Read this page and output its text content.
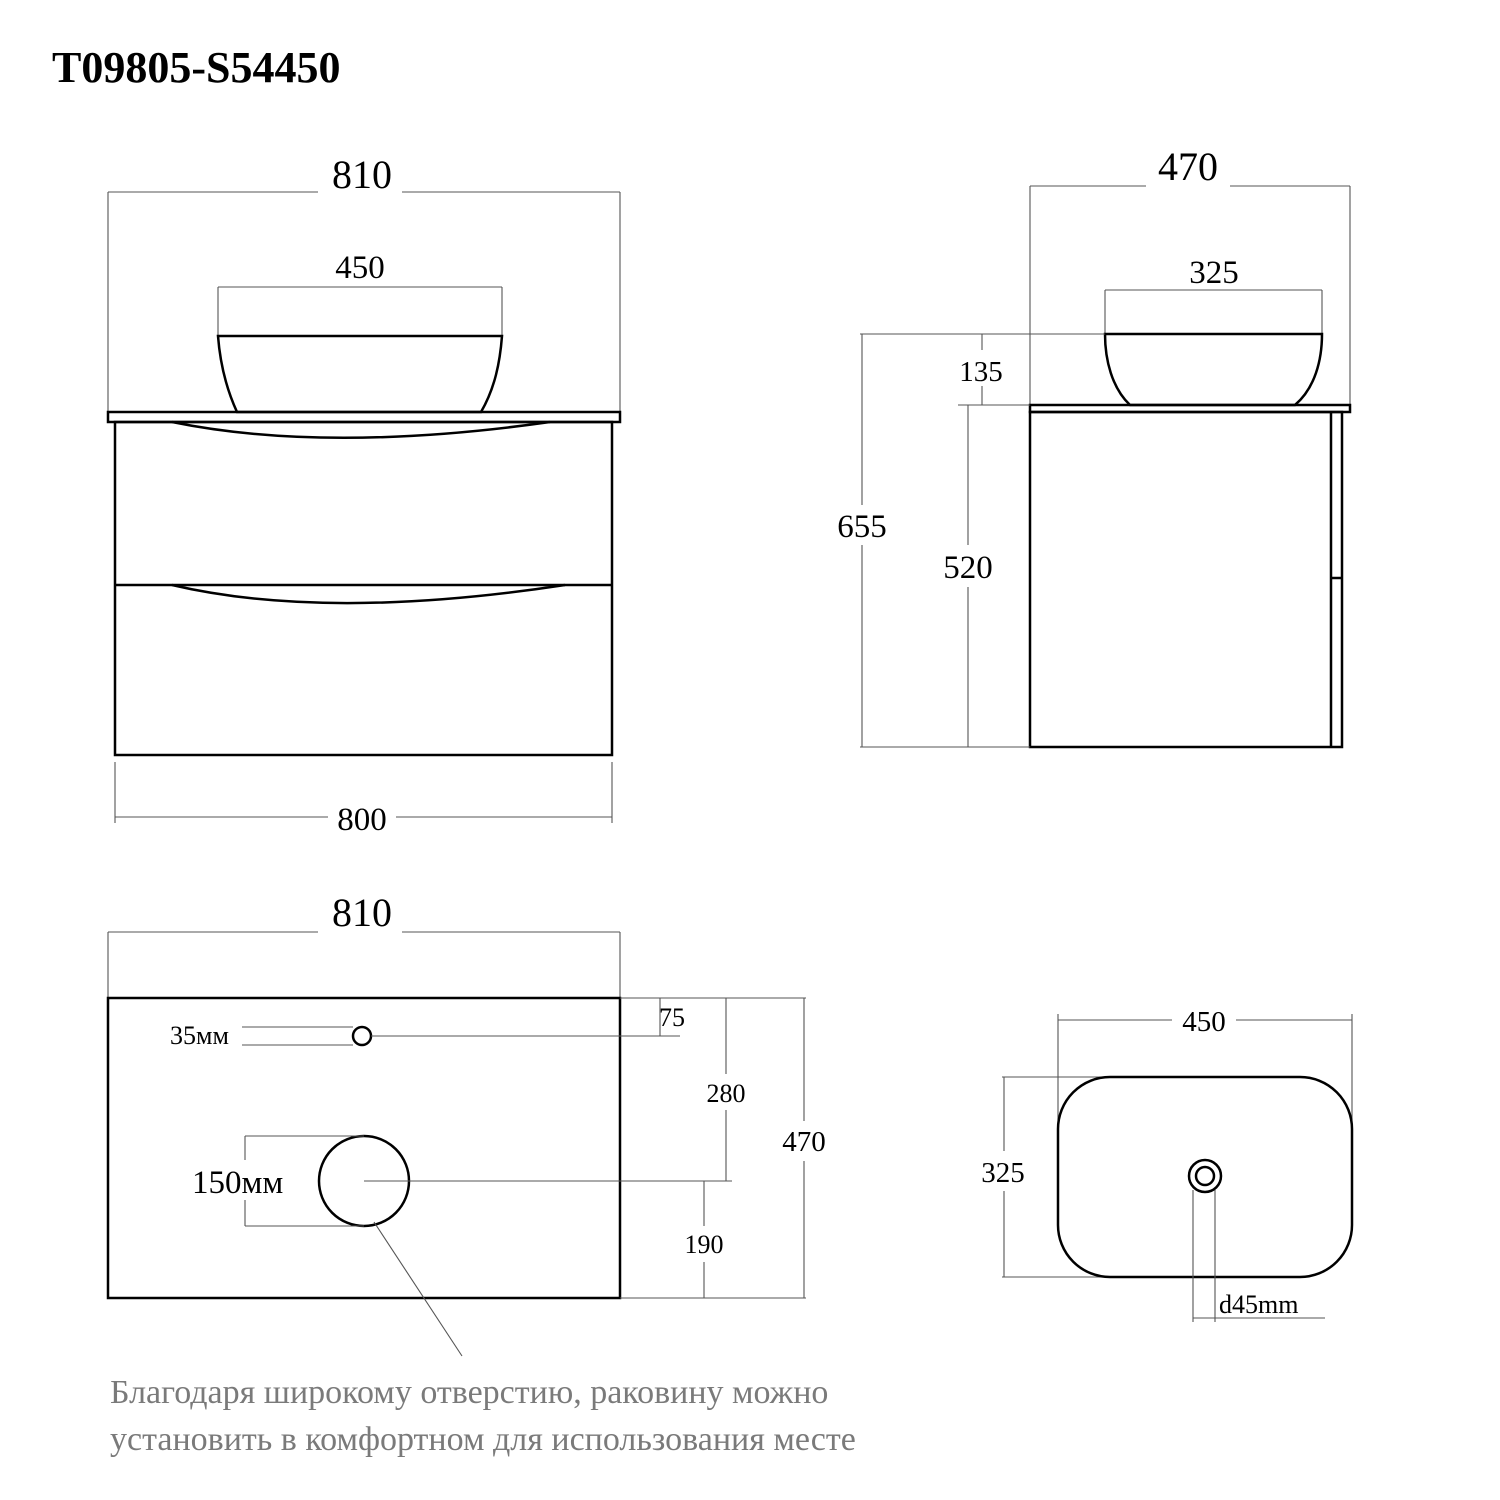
T09805-S54450
810
450
800
470
325
655
135
520
810
35мм
150мм
75
280
190
470
450
325
d45mm
Благодаря широкому отверстию, раковину можно
установить в комфортном для использования месте
